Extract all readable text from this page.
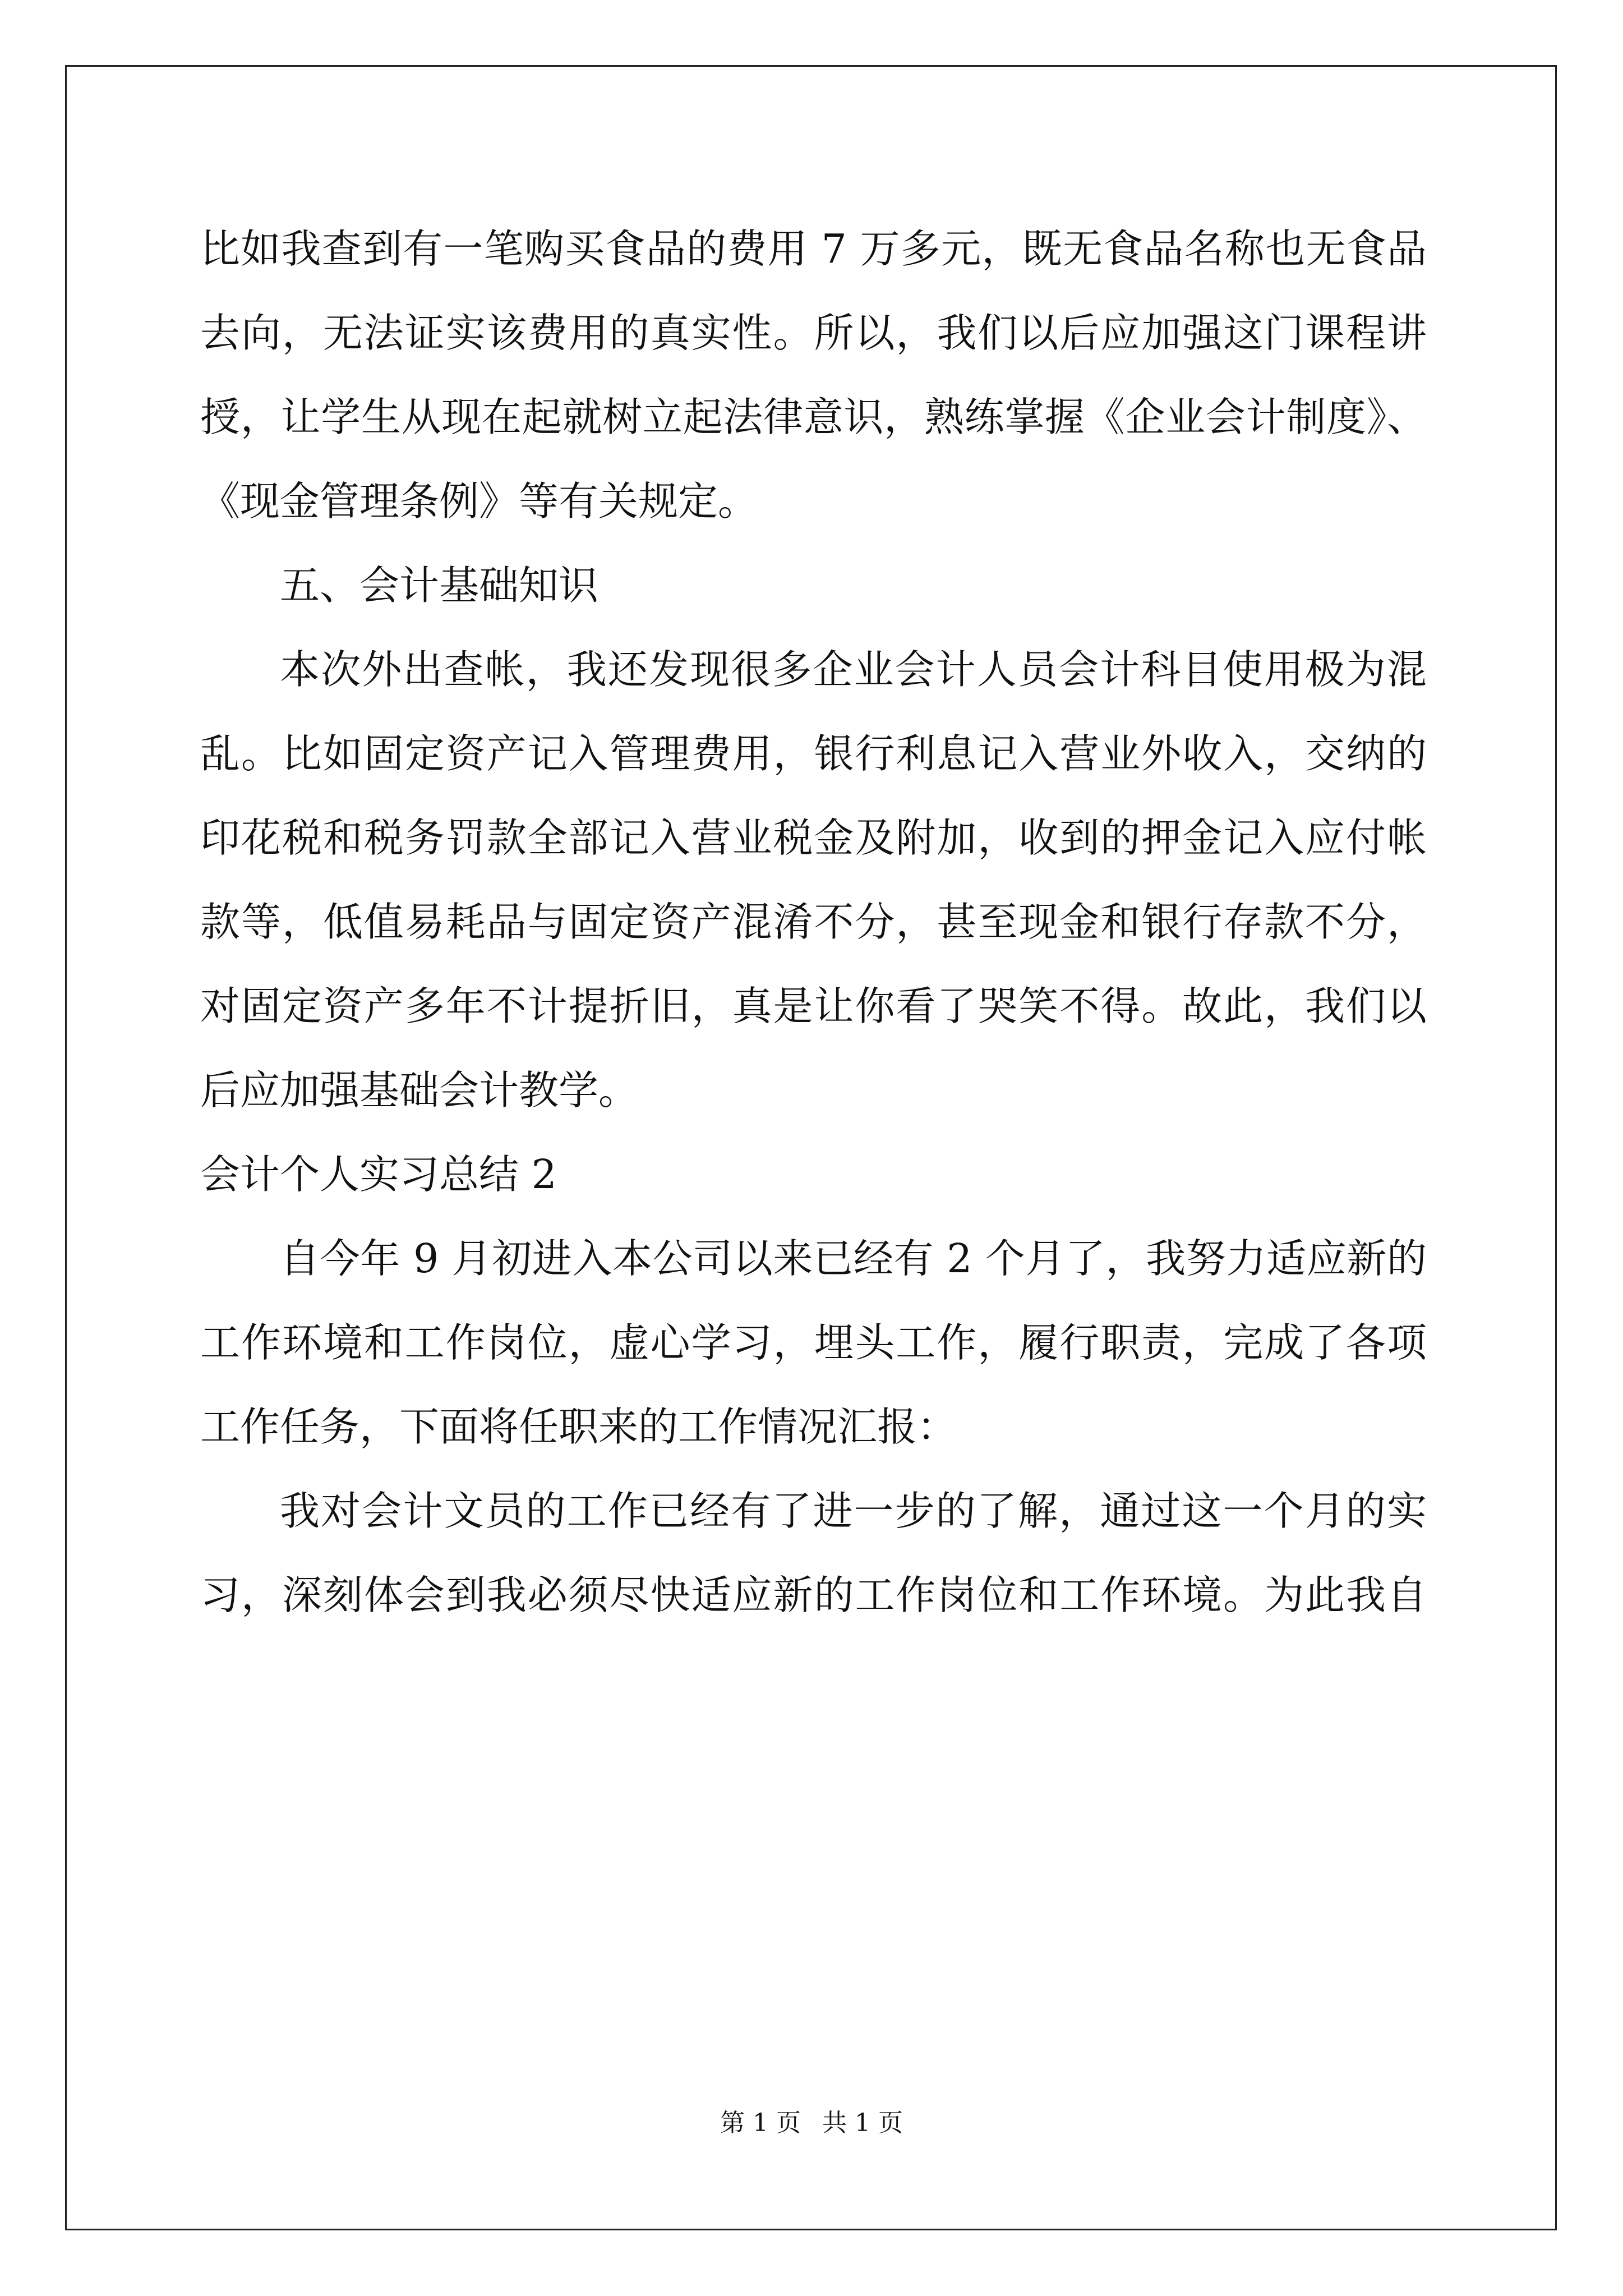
比如我查到有一笔购买食品的费用 7 万多元，既无食品名称也无食品
去向，无法证实该费用的真实性。所以，我们以后应加强这门课程讲
授，让学生从现在起就树立起法律意识，熟练掌握《企业会计制度》、
《现金管理条例》等有关规定。
五、会计基础知识
本次外出查帐，我还发现很多企业会计人员会计科目使用极为混
乱。比如固定资产记入管理费用，银行利息记入营业外收入，交纳的
印花税和税务罚款全部记入营业税金及附加，收到的押金记入应付帐
款等，低值易耗品与固定资产混淆不分，甚至现金和银行存款不分，
对固定资产多年不计提折旧，真是让你看了哭笑不得。故此，我们以
后应加强基础会计教学。
会计个人实习总结 2
自今年 9 月初进入本公司以来已经有 2 个月了，我努力适应新的
工作环境和工作岗位，虚心学习，埋头工作，履行职责，完成了各项
工作任务，下面将任职来的工作情况汇报：
我对会计文员的工作已经有了进一步的了解，通过这一个月的实
习，深刻体会到我必须尽快适应新的工作岗位和工作环境。为此我自
第 1 页 共 1 页
